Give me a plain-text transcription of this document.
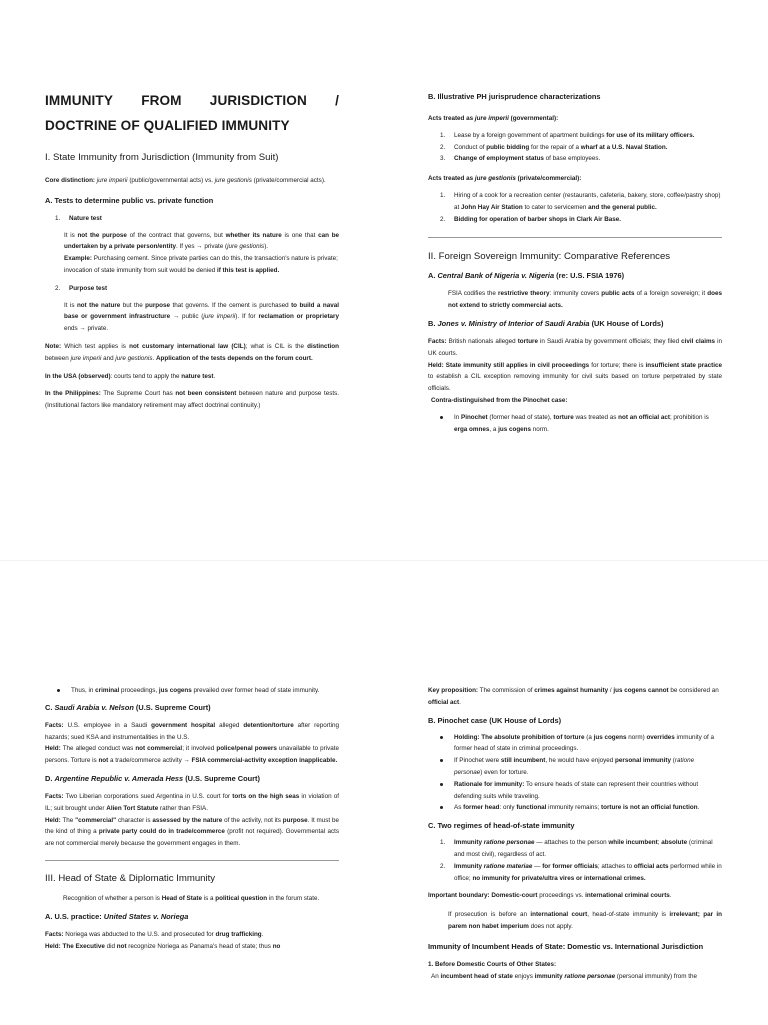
IMMUNITY FROM JURISDICTION /
DOCTRINE OF QUALIFIED IMMUNITY
I. State Immunity from Jurisdiction (Immunity from Suit)

Core distinction: jure imperii (public/governmental acts) vs. jure gestionis (private/commercial acts).

A. Tests to determine public vs. private function
1.	Nature test

It is not the purpose of the contract that governs, but whether its nature is one that can be undertaken by a private person/entity. If yes → private (jure gestionis).

Example: Purchasing cement. Since private parties can do this, the transaction's nature is private; invocation of state immunity from suit would be denied if this test is applied.

2.	Purpose test

It is not the nature but the purpose that governs. If the cement is purchased to build a naval base or government infrastructure → public (jure imperii). If for reclamation or proprietary ends → private.

Note: Which test applies is not customary international law (CIL); what is CIL is the distinction between jure imperii and jure gestionis. Application of the tests depends on the forum court.

In the USA (observed): courts tend to apply the nature test.

In the Philippines: The Supreme Court has not been consistent between nature and purpose tests. (Institutional factors like mandatory retirement may affect doctrinal continuity.)

B. Illustrative PH jurisprudence characterizations

Acts treated as jure imperii (governmental):

1.	Lease by a foreign government of apartment buildings for use of its military officers.
2.	Conduct of public bidding for the repair of a wharf at a U.S. Naval Station.
3.	Change of employment status of base employees.

Acts treated as jure gestionis (private/commercial):

1.	Hiring of a cook for a recreation center (restaurants, cafeteria, bakery, store, coffee/pastry shop) at John Hay Air Station to cater to servicemen and the general public.
2.	Bidding for operation of barber shops in Clark Air Base.
II. Foreign Sovereign Immunity: Comparative References
A. Central Bank of Nigeria v. Nigeria (re: U.S. FSIA 1976)

FSIA codifies the restrictive theory: immunity covers public acts of a foreign sovereign; it does not extend to strictly commercial acts.

B. Jones v. Ministry of Interior of Saudi Arabia (UK House of Lords)

Facts: British nationals alleged torture in Saudi Arabia by government officials; they filed civil claims in UK courts.

Held: State immunity still applies in civil proceedings for torture; there is insufficient state practice to establish a CIL exception removing immunity for civil suits based on torture perpetrated by state officials.

Contra-distinguished from the Pinochet case:

In Pinochet (former head of state), torture was treated as not an official act; prohibition is erga omnes, a jus cogens norm.
Thus, in criminal proceedings, jus cogens prevailed over former head of state immunity.
C. Saudi Arabia v. Nelson (U.S. Supreme Court)

Facts: U.S. employee in a Saudi government hospital alleged detention/torture after reporting hazards; sued KSA and instrumentalities in the U.S.

Held: The alleged conduct was not commercial; it involved police/penal powers unavailable to private persons. Torture is not a trade/commerce activity → FSIA commercial-activity exception inapplicable.

D. Argentine Republic v. Amerada Hess (U.S. Supreme Court)

Facts: Two Liberian corporations sued Argentina in U.S. court for torts on the high seas in violation of IL; suit brought under Alien Tort Statute rather than FSIA.

Held: The "commercial" character is assessed by the nature of the activity, not its purpose. It must be the kind of thing a private party could do in trade/commerce (profit not required). Governmental acts are not commercial merely because the government engages in them.

III. Head of State & Diplomatic Immunity

Recognition of whether a person is Head of State is a political question in the forum state.

A. U.S. practice: United States v. Noriega

Facts: Noriega was abducted to the U.S. and prosecuted for drug trafficking.

Held: The Executive did not recognize Noriega as Panama's head of state; thus no

Key proposition: The commission of crimes against humanity / jus cogens cannot be considered an official act.

B. Pinochet case (UK House of Lords)
Holding: The absolute prohibition of torture (a jus cogens norm) overrides immunity of a former head of state in criminal proceedings.
If Pinochet were still incumbent, he would have enjoyed personal immunity (ratione personae) even for torture.
Rationale for immunity: To ensure heads of state can represent their countries without defending suits while traveling.
As former head: only functional immunity remains; torture is not an official function.
C. Two regimes of head-of-state immunity
1.	Immunity ratione personae — attaches to the person while incumbent; absolute (criminal and most civil), regardless of act.
2.	Immunity ratione materiae — for former officials; attaches to official acts performed while in office; no immunity for private/ultra vires or international crimes.

Important boundary: Domestic-court proceedings vs. international criminal courts.

If prosecution is before an international court, head-of-state immunity is irrelevant; par in parem non habet imperium does not apply.

Immunity of Incumbent Heads of State: Domestic vs. International Jurisdiction

1. Before Domestic Courts of Other States:

An incumbent head of state enjoys immunity ratione personae (personal immunity) from the
